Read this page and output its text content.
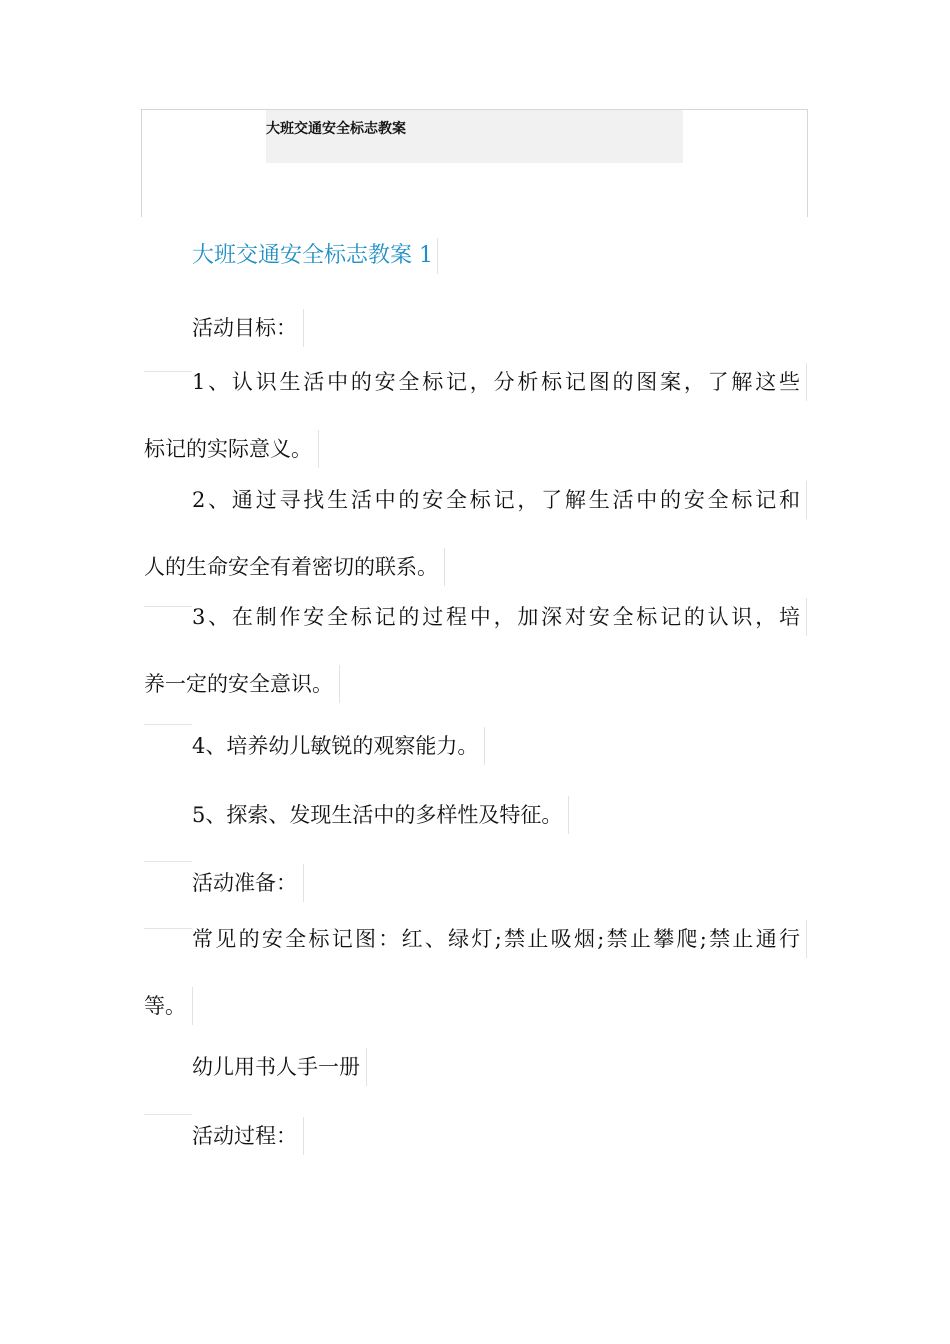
大班交通安全标志教案
大班交通安全标志教案 1
活动目标：
1、认识生活中的安全标记，分析标记图的图案，了解这些
标记的实际意义。
2、通过寻找生活中的安全标记，了解生活中的安全标记和
人的生命安全有着密切的联系。
3、在制作安全标记的过程中，加深对安全标记的认识，培
养一定的安全意识。
4、培养幼儿敏锐的观察能力。
5、探索、发现生活中的多样性及特征。
活动准备：
常见的安全标记图：红、绿灯;禁止吸烟;禁止攀爬;禁止通行
等。
幼儿用书人手一册
活动过程：
